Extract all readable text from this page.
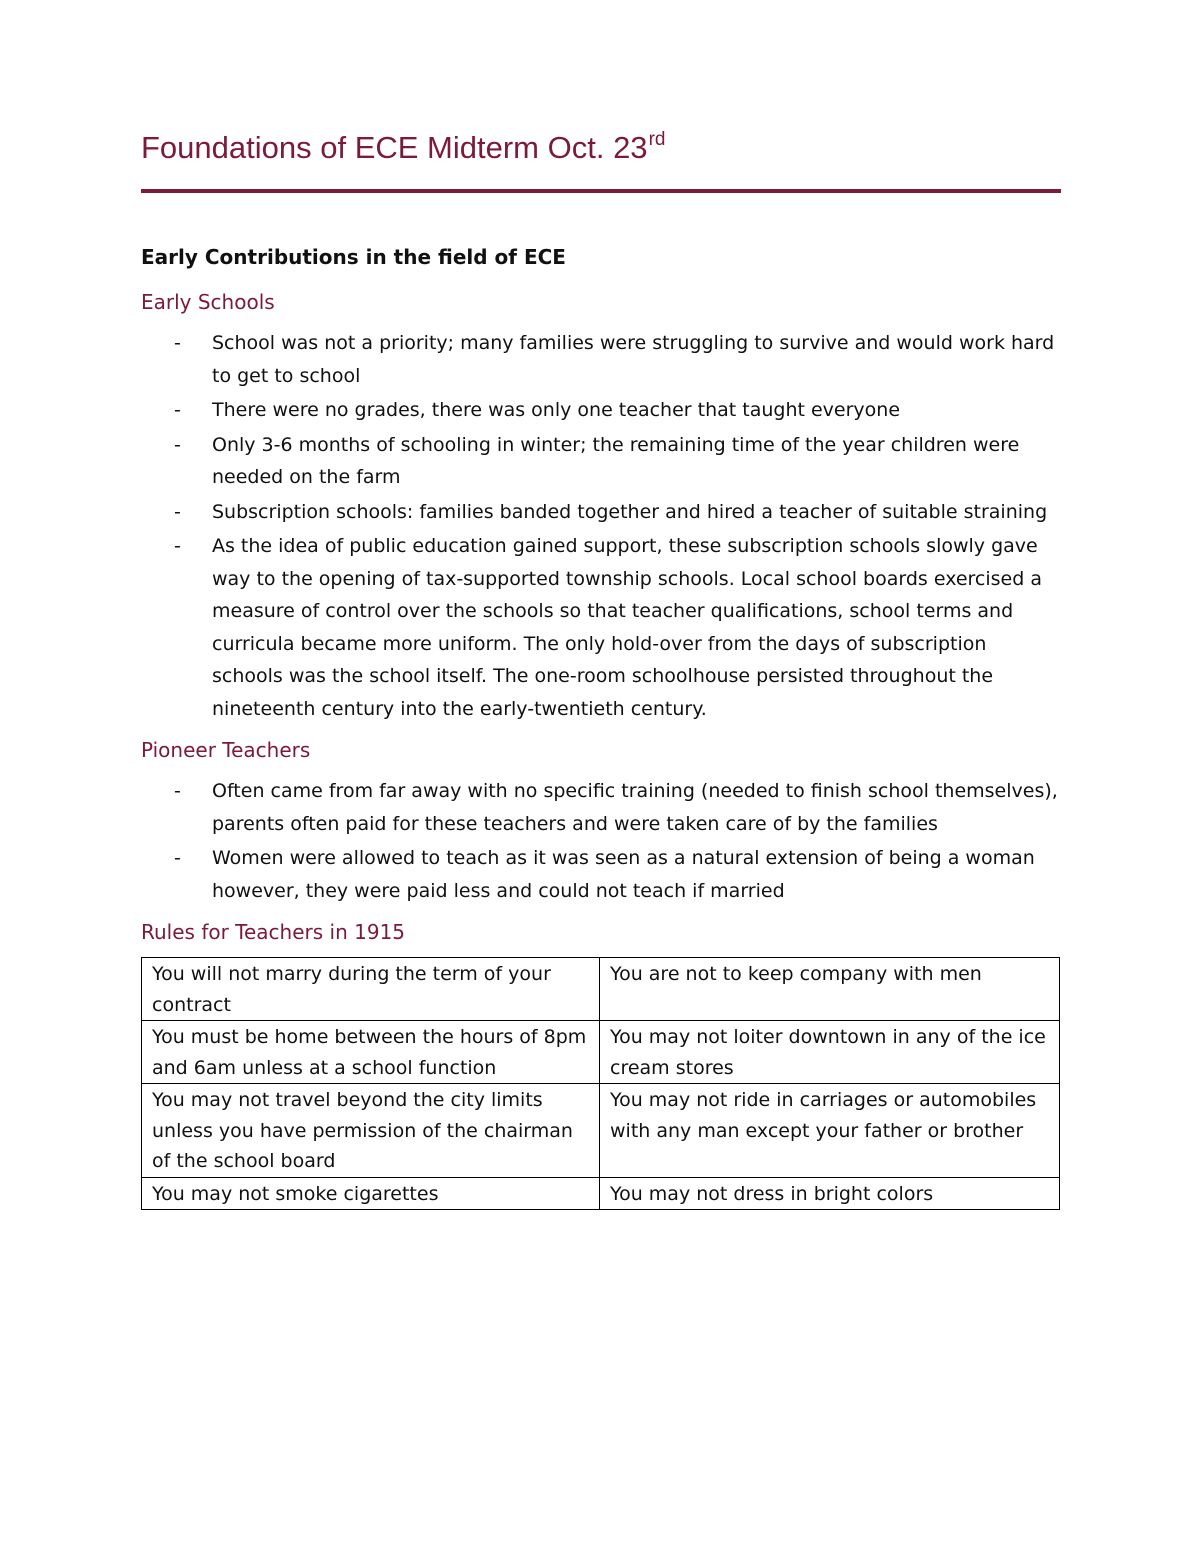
Foundations of ECE Midterm Oct. 23rd
Early Contributions in the field of ECE
Early Schools
- School was not a priority; many families were struggling to survive and would work hard to get to school
- There were no grades, there was only one teacher that taught everyone
- Only 3-6 months of schooling in winter; the remaining time of the year children were needed on the farm
- Subscription schools: families banded together and hired a teacher of suitable straining
- As the idea of public education gained support, these subscription schools slowly gave way to the opening of tax-supported township schools. Local school boards exercised a measure of control over the schools so that teacher qualifications, school terms and curricula became more uniform. The only hold-over from the days of subscription schools was the school itself. The one-room schoolhouse persisted throughout the nineteenth century into the early-twentieth century.
Pioneer Teachers
- Often came from far away with no specific training (needed to finish school themselves), parents often paid for these teachers and were taken care of by the families
- Women were allowed to teach as it was seen as a natural extension of being a woman however, they were paid less and could not teach if married
Rules for Teachers in 1915
You will not marry during the term of your contract	You are not to keep company with men
You must be home between the hours of 8pm and 6am unless at a school function	You may not loiter downtown in any of the ice cream stores
You may not travel beyond the city limits unless you have permission of the chairman of the school board	You may not ride in carriages or automobiles with any man except your father or brother
You may not smoke cigarettes	You may not dress in bright colors
